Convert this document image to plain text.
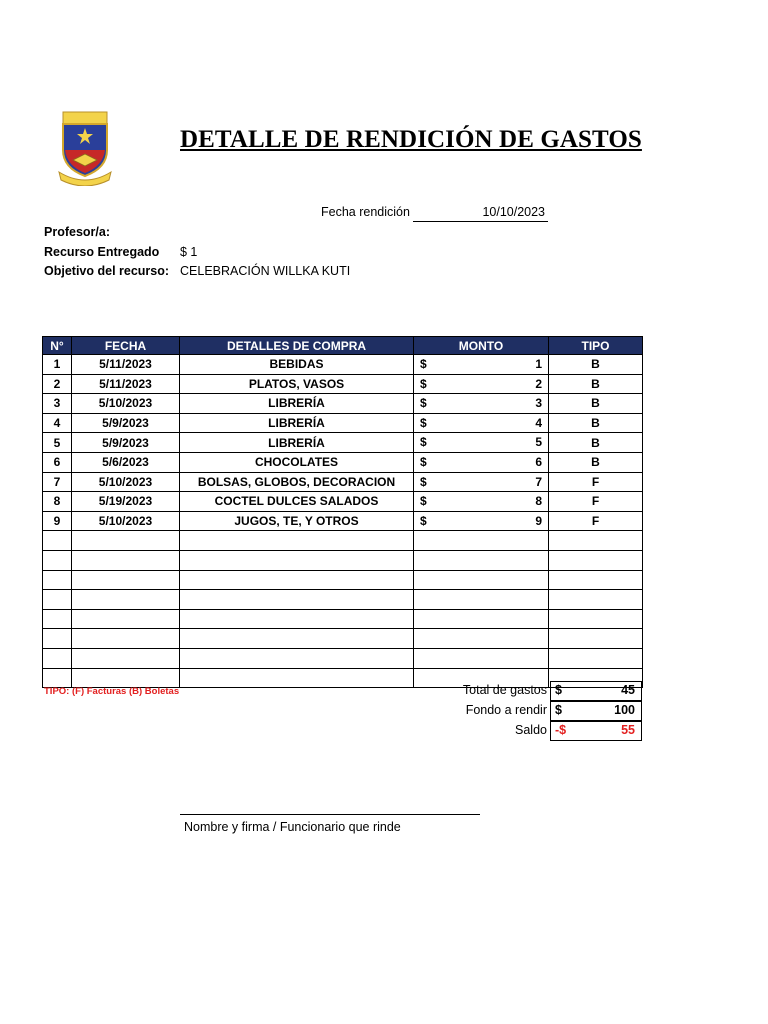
DETALLE DE RENDICIÓN DE GASTOS
Fecha rendición	10/10/2023
Profesor/a:
Recurso Entregado $ 1
Objetivo del recurso: CELEBRACIÓN WILLKA KUTI
N°	FECHA	DETALLES DE COMPRA	MONTO	TIPO
1	5/11/2023	BEBIDAS	$ 1	B
2	5/11/2023	PLATOS, VASOS	$ 2	B
3	5/10/2023	LIBRERÍA	$ 3	B
4	5/9/2023	LIBRERÍA	$ 4	B
5	5/9/2023	LIBRERÍA	$ 5	B
6	5/6/2023	CHOCOLATES	$ 6	B
7	5/10/2023	BOLSAS, GLOBOS, DECORACION	$ 7	F
8	5/19/2023	COCTEL DULCES SALADOS	$ 8	F
9	5/10/2023	JUGOS, TE, Y OTROS	$ 9	F

TIPO: (F) Facturas (B) Boletas	Total de gastos $	45
Fondo a rendir $	100
Saldo -$	55
Nombre y firma / Funcionario que rinde
